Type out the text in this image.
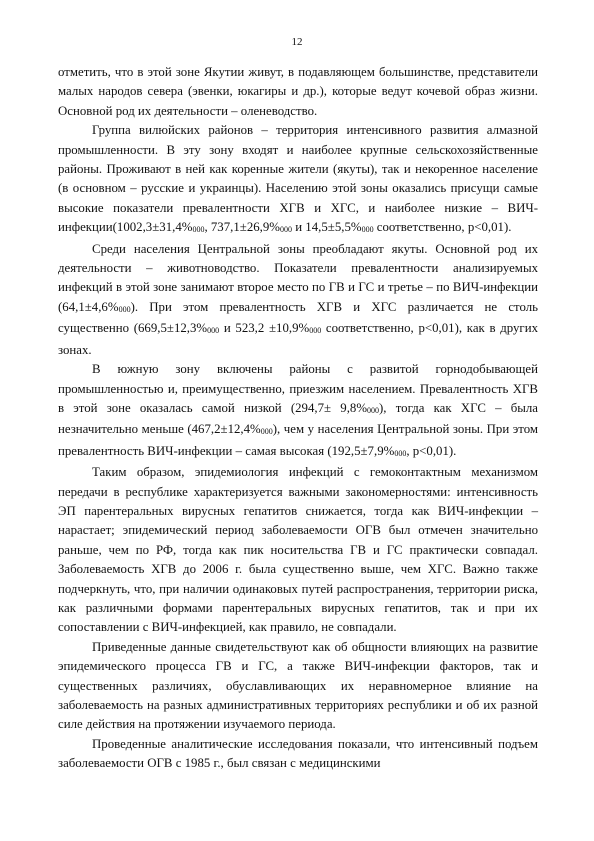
12

отметить, что в этой зоне Якутии живут, в подавляющем большинстве, представители малых народов севера (эвенки, юкагиры и др.), которые ведут кочевой образ жизни. Основной род их деятельности – оленеводство.

Группа вилюйских районов – территория интенсивного развития алмазной промышленности. В эту зону входят и наиболее крупные сельскохозяйственные районы. Проживают в ней как коренные жители (якуты), так и некоренное население (в основном – русские и украинцы). Населению этой зоны оказались присущи самые высокие показатели превалентности ХГВ и ХГС, и наиболее низкие – ВИЧ-инфекции(1002,3±31,4%000, 737,1±26,9%000 и 14,5±5,5%000 соответственно, p<0,01).

Среди населения Центральной зоны преобладают якуты. Основной род их деятельности – животноводство. Показатели превалентности анализируемых инфекций в этой зоне занимают второе место по ГВ и ГС и третье – по ВИЧ-инфекции (64,1±4,6%000). При этом превалентность ХГВ и ХГС различается не столь существенно (669,5±12,3%000 и 523,2 ±10,9%000 соответственно, p<0,01), как в других зонах.

В южную зону включены районы с развитой горнодобывающей промышленностью и, преимущественно, приезжим населением. Превалентность ХГВ в этой зоне оказалась самой низкой (294,7± 9,8%000), тогда как ХГС – была незначительно меньше (467,2±12,4%000), чем у населения Центральной зоны. При этом превалентность ВИЧ-инфекции – самая высокая (192,5±7,9%000, p<0,01).

Таким образом, эпидемиология инфекций с гемоконтактным механизмом передачи в республике характеризуется важными закономерностями: интенсивность ЭП парентеральных вирусных гепатитов снижается, тогда как ВИЧ-инфекции – нарастает; эпидемический период заболеваемости ОГВ был отмечен значительно раньше, чем по РФ, тогда как пик носительства ГВ и ГС практически совпадал. Заболеваемость ХГВ до 2006 г. была существенно выше, чем ХГС. Важно также подчеркнуть, что, при наличии одинаковых путей распространения, территории риска, как различными формами парентеральных вирусных гепатитов, так и при их сопоставлении с ВИЧ-инфекцией, как правило, не совпадали.

Приведенные данные свидетельствуют как об общности влияющих на развитие эпидемического процесса ГВ и ГС, а также ВИЧ-инфекции факторов, так и существенных различиях, обуславливающих их неравномерное влияние на заболеваемость на разных административных территориях республики и об их разной силе действия на протяжении изучаемого периода.

Проведенные аналитические исследования показали, что интенсивный подъем заболеваемости ОГВ с 1985 г., был связан с медицинскими
